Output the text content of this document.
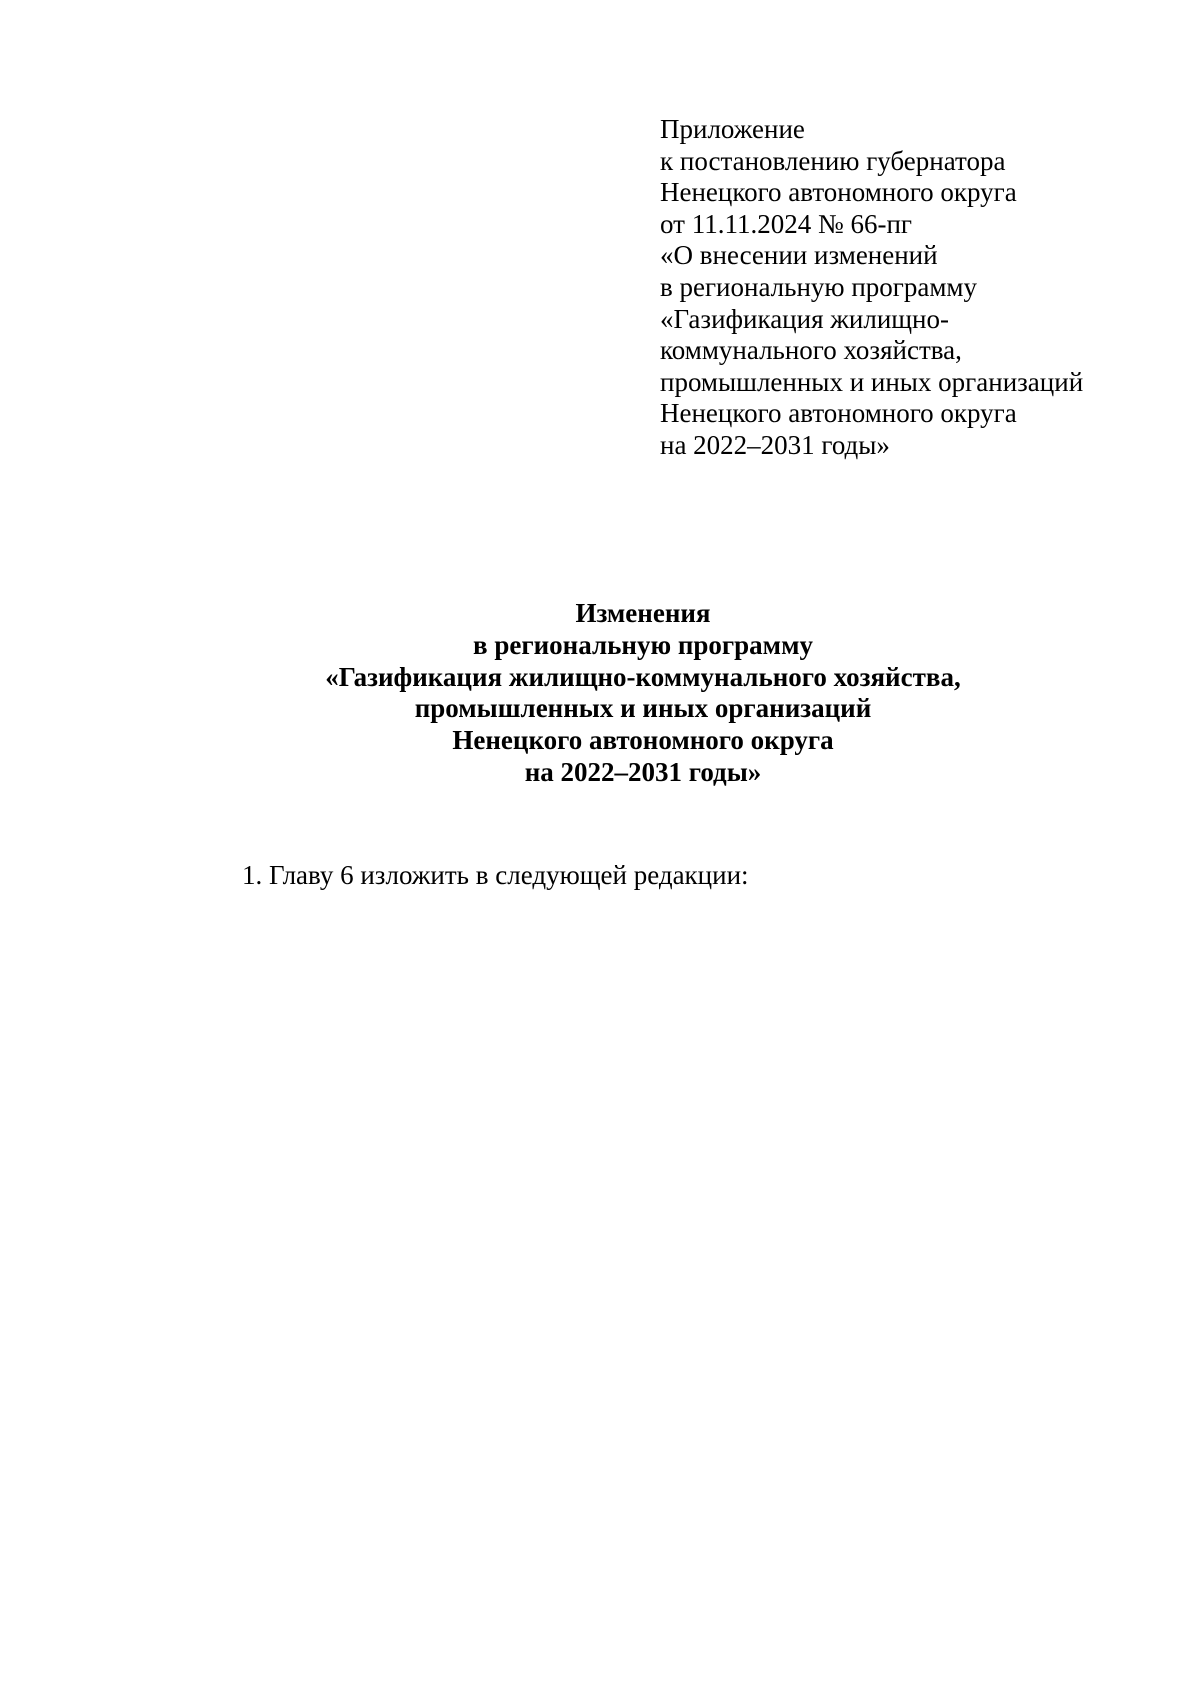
Приложение
к постановлению губернатора
Ненецкого автономного округа
от 11.11.2024 № 66-пг
«О внесении изменений
в региональную программу
«Газификация жилищно-
коммунального хозяйства,
промышленных и иных организаций
Ненецкого автономного округа
на 2022–2031 годы»
Изменения
в региональную программу
«Газификация жилищно-коммунального хозяйства,
промышленных и иных организаций
Ненецкого автономного округа
на 2022–2031 годы»
1. Главу 6 изложить в следующей редакции:
